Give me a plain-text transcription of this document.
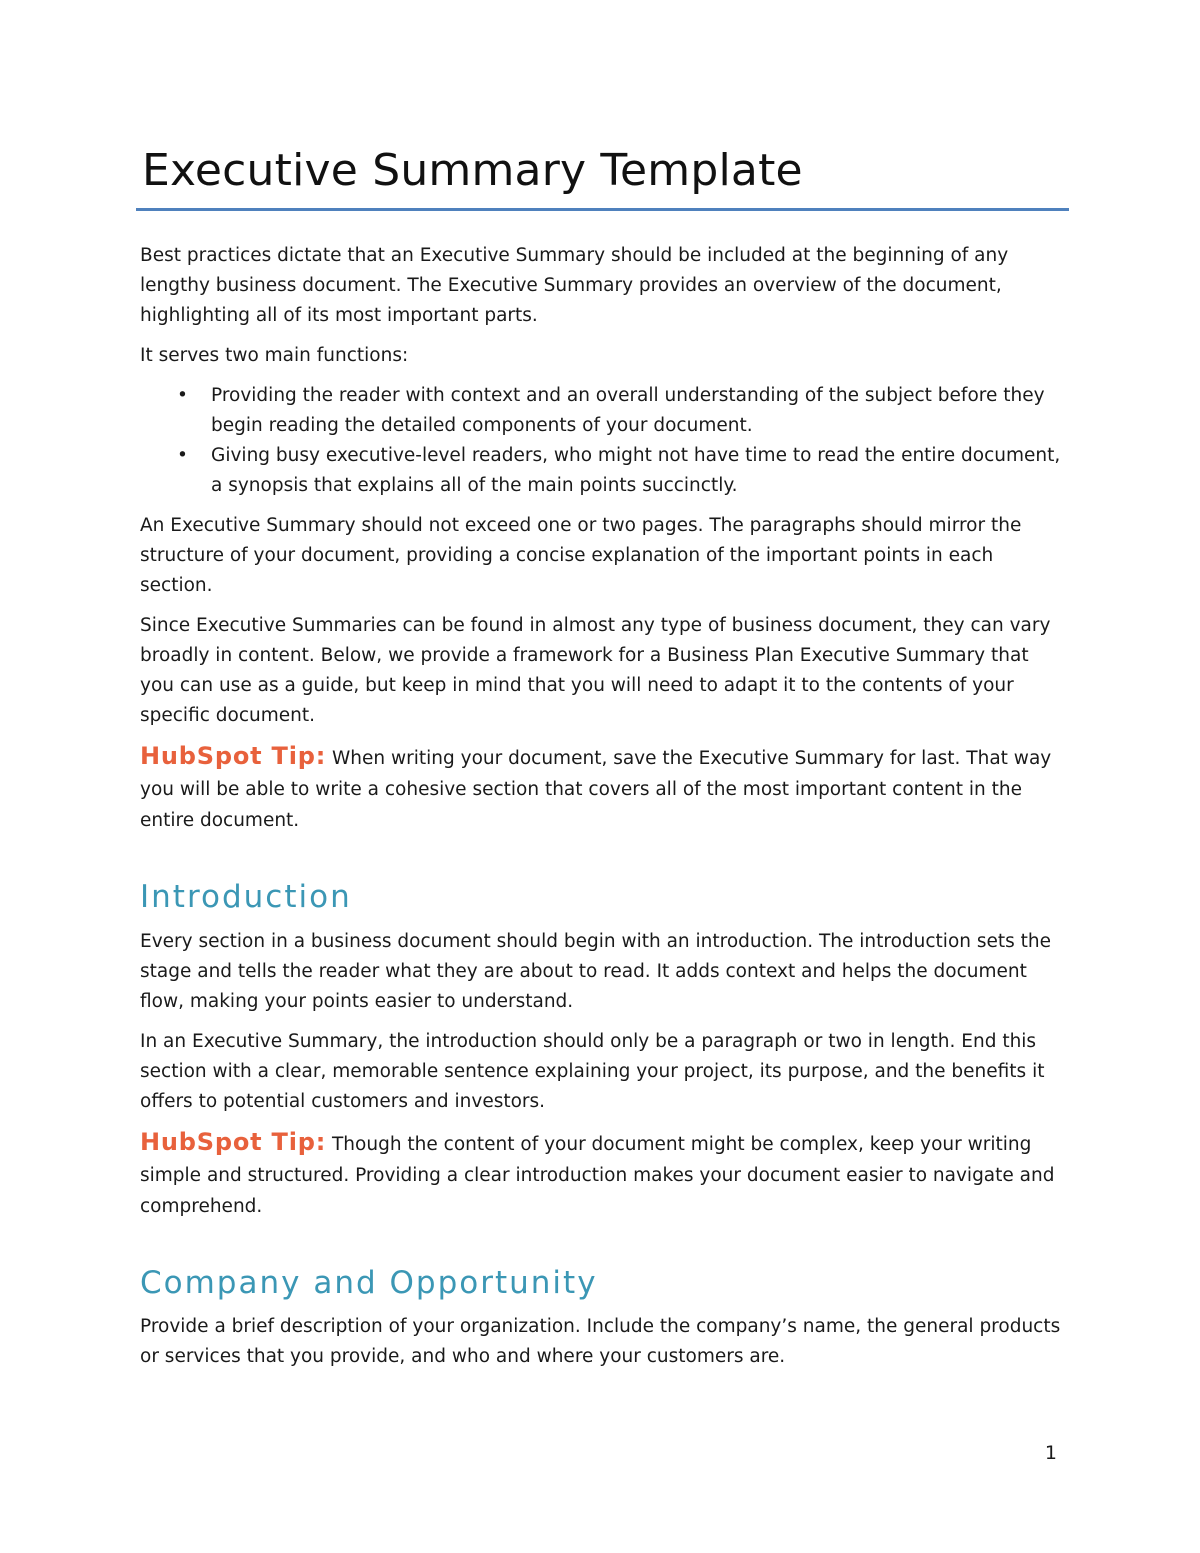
Executive Summary Template

Best practices dictate that an Executive Summary should be included at the beginning of any lengthy business document. The Executive Summary provides an overview of the document, highlighting all of its most important parts.

It serves two main functions:

• Providing the reader with context and an overall understanding of the subject before they begin reading the detailed components of your document.
• Giving busy executive-level readers, who might not have time to read the entire document, a synopsis that explains all of the main points succinctly.

An Executive Summary should not exceed one or two pages. The paragraphs should mirror the structure of your document, providing a concise explanation of the important points in each section.

Since Executive Summaries can be found in almost any type of business document, they can vary broadly in content. Below, we provide a framework for a Business Plan Executive Summary that you can use as a guide, but keep in mind that you will need to adapt it to the contents of your specific document.

HubSpot Tip: When writing your document, save the Executive Summary for last. That way you will be able to write a cohesive section that covers all of the most important content in the entire document.

Introduction

Every section in a business document should begin with an introduction. The introduction sets the stage and tells the reader what they are about to read. It adds context and helps the document flow, making your points easier to understand.

In an Executive Summary, the introduction should only be a paragraph or two in length. End this section with a clear, memorable sentence explaining your project, its purpose, and the benefits it offers to potential customers and investors.

HubSpot Tip: Though the content of your document might be complex, keep your writing simple and structured. Providing a clear introduction makes your document easier to navigate and comprehend.

Company and Opportunity

Provide a brief description of your organization. Include the company’s name, the general products or services that you provide, and who and where your customers are.

1
